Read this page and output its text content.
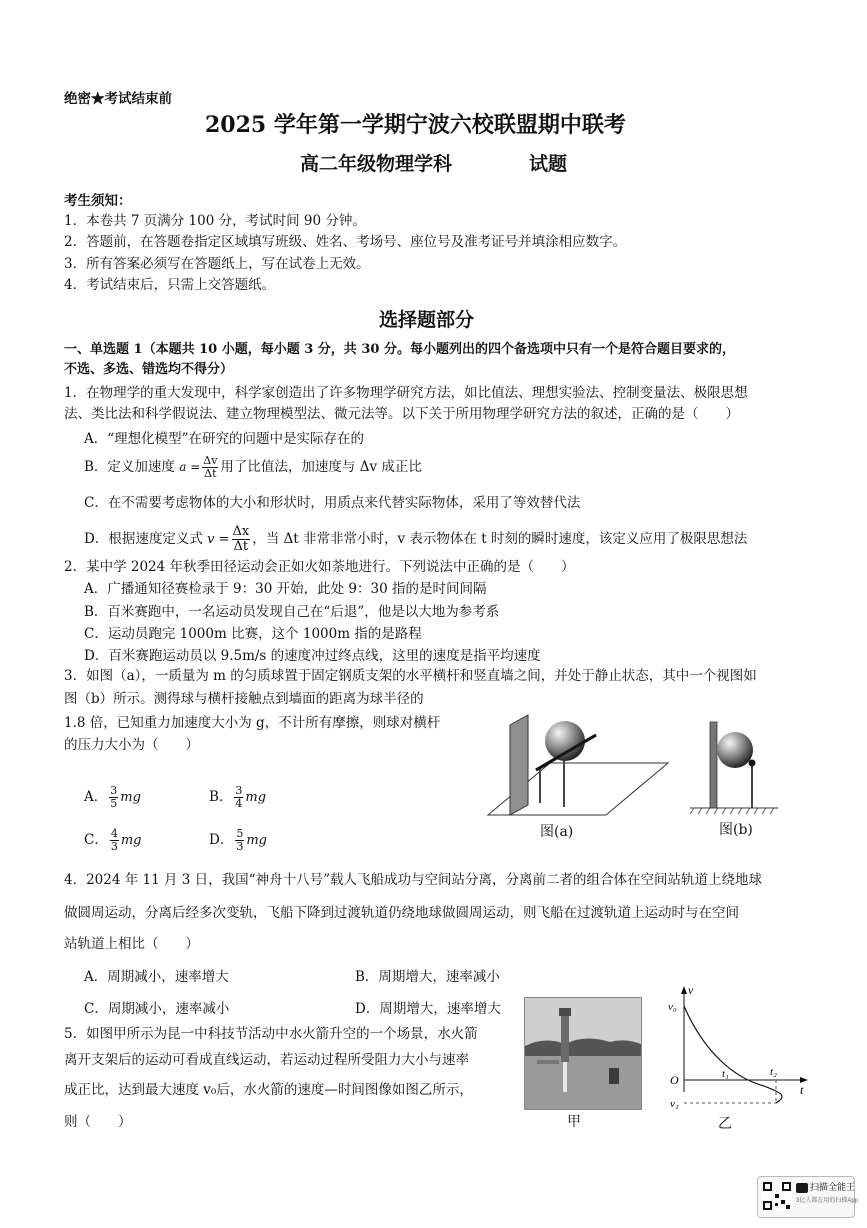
绝密★考试结束前
2025 学年第一学期宁波六校联盟期中联考
高二年级物理学科	试题
考生须知：
1．本卷共 7 页满分 100 分，考试时间 90 分钟。
2．答题前，在答题卷指定区域填写班级、姓名、考场号、座位号及准考证号并填涂相应数字。
3．所有答案必须写在答题纸上，写在试卷上无效。
4．考试结束后，只需上交答题纸。
选择题部分
一、单选题 1（本题共 10 小题，每小题 3 分，共 30 分。每小题列出的四个备选项中只有一个是符合题目要求的，
不选、多选、错选均不得分）
1．在物理学的重大发现中，科学家创造出了许多物理学研究方法，如比值法、理想实验法、控制变量法、极限思想
法、类比法和科学假说法、建立物理模型法、微元法等。以下关于所用物理学研究方法的叙述，正确的是（　　）
A．“理想化模型”在研究的问题中是实际存在的
B．定义加速度 $a = \frac{\Delta v}{\Delta t}$ 用了比值法，加速度与 Δv 成正比
C．在不需要考虑物体的大小和形状时，用质点来代替实际物体，采用了等效替代法
D．根据速度定义式 $v = \frac{\Delta x}{\Delta t}$ ，当 Δt 非常非常小时，v 表示物体在 t 时刻的瞬时速度，该定义应用了极限思想法
2．某中学 2024 年秋季田径运动会正如火如荼地进行。下列说法中正确的是（　　）
A．广播通知径赛检录于 9：30 开始，此处 9：30 指的是时间间隔
B．百米赛跑中，一名运动员发现自己在“后退”，他是以大地为参考系
C．运动员跑完 1000m 比赛，这个 1000m 指的是路程
D．百米赛跑运动员以 9.5m/s 的速度冲过终点线，这里的速度是指平均速度
3．如图（a），一质量为 m 的匀质球置于固定钢质支架的水平横杆和竖直墙之间，并处于静止状态，其中一个视图如
图（b）所示。测得球与横杆接触点到墙面的距离为球半径的
1.8 倍，已知重力加速度大小为 g，不计所有摩擦，则球对横杆
的压力大小为（　　）
A． $\frac{3}{5}$ mg	B． $\frac{3}{4}$ mg
C． $\frac{4}{3}$ mg	D． $\frac{5}{3}$ mg
图(a)	图(b)
4．2024 年 11 月 3 日，我国“神舟十八号”载人飞船成功与空间站分离，分离前二者的组合体在空间站轨道上绕地球
做圆周运动，分离后经多次变轨，飞船下降到过渡轨道仍绕地球做圆周运动，则飞船在过渡轨道上运动时与在空间
站轨道上相比（　　）
A．周期减小，速率增大	B．周期增大，速率减小
C．周期减小，速率减小	D．周期增大，速率增大
5．如图甲所示为昆一中科技节活动中水火箭升空的一个场景，水火箭
离开支架后的运动可看成直线运动，若运动过程所受阻力大小与速率
成正比，达到最大速度 v₀后，水火箭的速度—时间图像如图乙所示，
则（　　）	甲
v
t
v₀
O
v₁
t₁	t₂
乙
扫描全能王
3亿人都在用的扫描App
